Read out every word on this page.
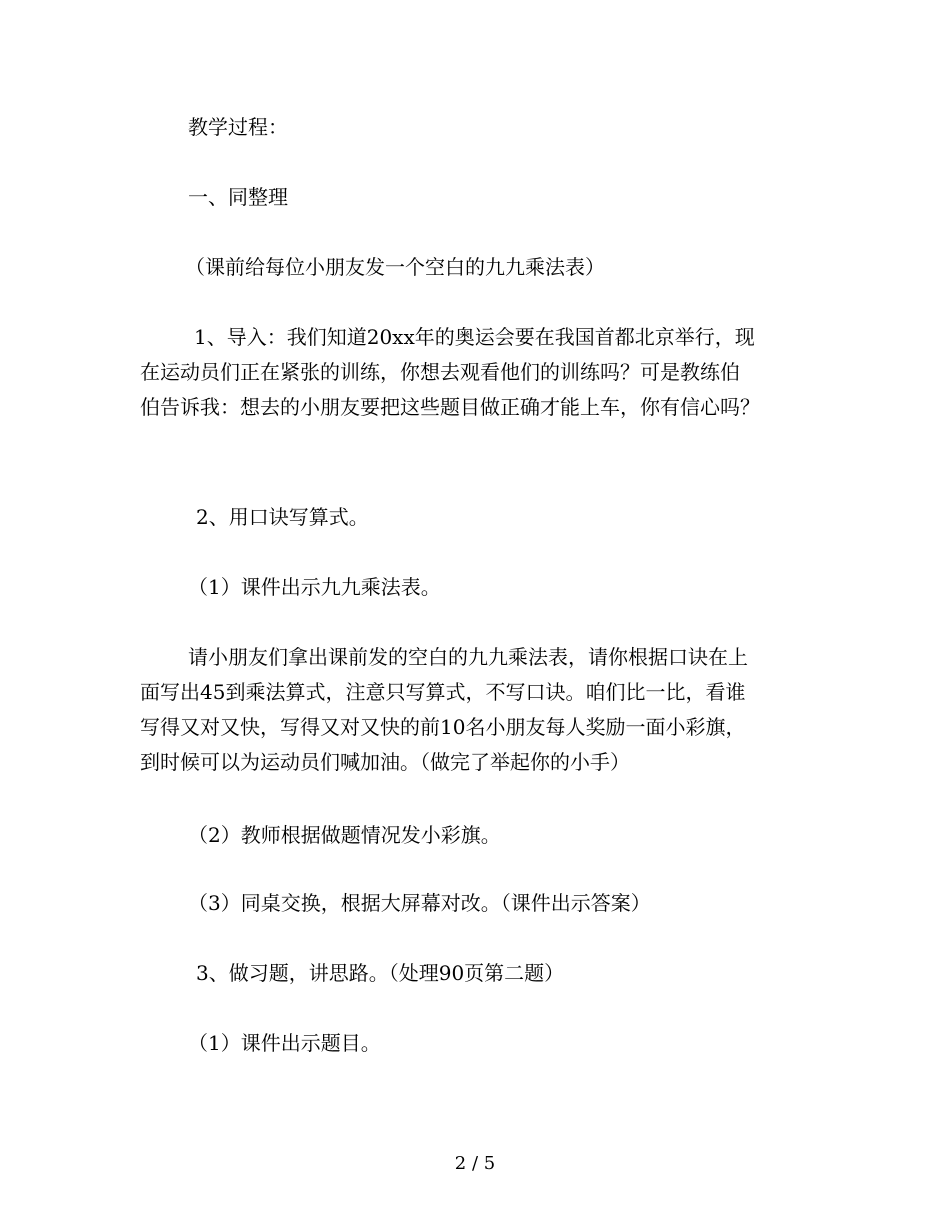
教学过程：

一、同整理

（课前给每位小朋友发一个空白的九九乘法表）

1、导入：我们知道20xx年的奥运会要在我国首都北京举行，现
在运动员们正在紧张的训练，你想去观看他们的训练吗？可是教练伯
伯告诉我：想去的小朋友要把这些题目做正确才能上车，你有信心吗？

2、用口诀写算式。

（1）课件出示九九乘法表。

请小朋友们拿出课前发的空白的九九乘法表，请你根据口诀在上
面写出45到乘法算式，注意只写算式，不写口诀。咱们比一比，看谁
写得又对又快，写得又对又快的前10名小朋友每人奖励一面小彩旗，
到时候可以为运动员们喊加油。（做完了举起你的小手）

（2）教师根据做题情况发小彩旗。

（3）同桌交换，根据大屏幕对改。（课件出示答案）

3、做习题，讲思路。（处理90页第二题）

（1）课件出示题目。

2 / 5
